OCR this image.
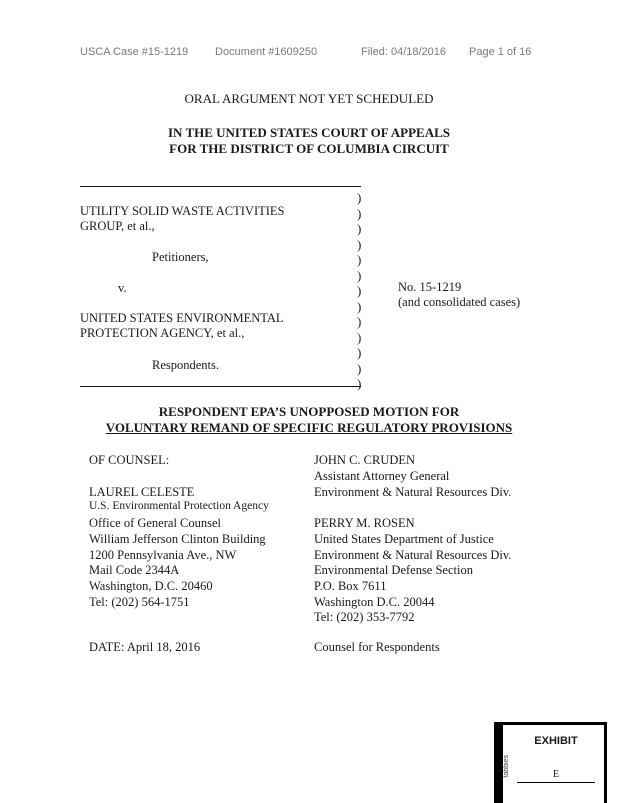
USCA Case #15-1219 Document #1609250	Filed: 04/18/2016 Page 1 of 16
ORAL ARGUMENT NOT YET SCHEDULED
IN THE UNITED STATES COURT OF APPEALS
FOR THE DISTRICT OF COLUMBIA CIRCUIT
UTILITY SOLID WASTE ACTIVITIES
GROUP, et al.,
Petitioners,
v.
UNITED STATES ENVIRONMENTAL
PROTECTION AGENCY, et al.,
Respondents.
)
)
)
)
)
)
)
)
)
)
)
)
)
No. 15-1219
(and consolidated cases)
RESPONDENT EPA’S UNOPPOSED MOTION FOR
VOLUNTARY REMAND OF SPECIFIC REGULATORY PROVISIONS
OF COUNSEL:
LAUREL CELESTE
U.S. Environmental Protection Agency
Office of General Counsel
William Jefferson Clinton Building
1200 Pennsylvania Ave., NW
Mail Code 2344A
Washington, D.C. 20460
Tel: (202) 564-1751
DATE: April 18, 2016
JOHN C. CRUDEN
Assistant Attorney General
Environment & Natural Resources Div.
PERRY M. ROSEN
United States Department of Justice
Environment & Natural Resources Div.
Environmental Defense Section
P.O. Box 7611
Washington D.C. 20044
Tel: (202) 353-7792
Counsel for Respondents
tabbies
EXHIBIT
E
